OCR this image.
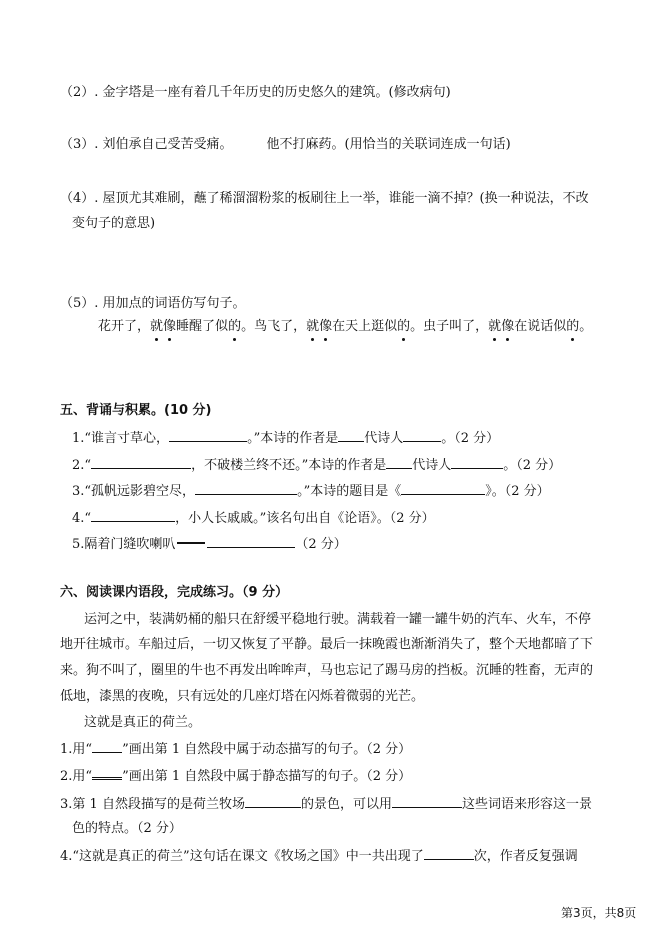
（2）. 金字塔是一座有着几千年历史的历史悠久的建筑。(修改病句)
（3）. 刘伯承自己受苦受痛。	他不打麻药。(用恰当的关联词连成一句话)
（4）. 屋顶尤其难刷，蘸了稀溜溜粉浆的板刷往上一举，谁能一滴不掉？(换一种说法，不改
变句子的意思)
（5）. 用加点的词语仿写句子。
花开了，就像睡醒了似的。鸟飞了，就像在天上逛似的。虫子叫了，就像在说话似的。
五、背诵与积累。(10 分)
1.“谁言寸草心，	。”本诗的作者是 代诗人	。（2 分）
2.“	，不破楼兰终不还。”本诗的作者是 代诗人	。（2 分）
3.“孤帆远影碧空尽，	。”本诗的题目是《	》。（2 分）
4.“	，小人长戚戚。”该名句出自《论语》。（2 分）
5.隔着门缝吹喇叭	（2 分）
六、阅读课内语段，完成练习。（9 分）
运河之中，装满奶桶的船只在舒缓平稳地行驶。满载着一罐一罐牛奶的汽车、火车，不停
地开往城市。车船过后，一切又恢复了平静。最后一抹晚霞也渐渐消失了，整个天地都暗了下
来。狗不叫了，圈里的牛也不再发出哞哞声，马也忘记了踢马房的挡板。沉睡的牲畜，无声的
低地，漆黑的夜晚，只有远处的几座灯塔在闪烁着微弱的光芒。
这就是真正的荷兰。
1.用“ ”画出第 1 自然段中属于动态描写的句子。（2 分）
2.用“ ”画出第 1 自然段中属于静态描写的句子。（2 分）
3.第 1 自然段描写的是荷兰牧场	的景色，可以用	这些词语来形容这一景
色的特点。（2 分）
4.“这就是真正的荷兰”这句话在课文《牧场之国》中一共出现了	次，作者反复强调
第3页，共8页
